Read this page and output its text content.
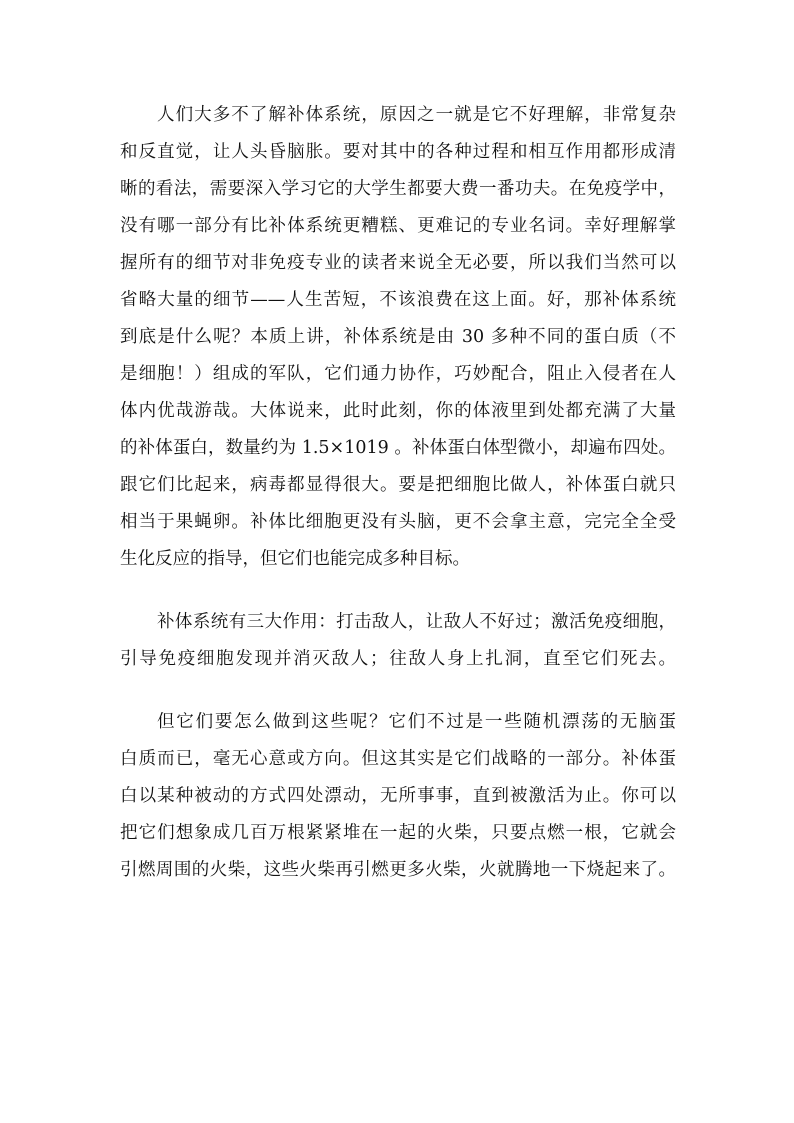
人们大多不了解补体系统，原因之一就是它不好理解，非常复杂
和反直觉，让人头昏脑胀。要对其中的各种过程和相互作用都形成清
晰的看法，需要深入学习它的大学生都要大费一番功夫。在免疫学中，
没有哪一部分有比补体系统更糟糕、更难记的专业名词。幸好理解掌
握所有的细节对非免疫专业的读者来说全无必要，所以我们当然可以
省略大量的细节——人生苦短，不该浪费在这上面。好，那补体系统
到底是什么呢？本质上讲，补体系统是由 30 多种不同的蛋白质（不
是细胞！）组成的军队，它们通力协作，巧妙配合，阻止入侵者在人
体内优哉游哉。大体说来，此时此刻，你的体液里到处都充满了大量
的补体蛋白，数量约为 1.5×1019 。补体蛋白体型微小，却遍布四处。
跟它们比起来，病毒都显得很大。要是把细胞比做人，补体蛋白就只
相当于果蝇卵。补体比细胞更没有头脑，更不会拿主意，完完全全受
生化反应的指导，但它们也能完成多种目标。
补体系统有三大作用：打击敌人，让敌人不好过；激活免疫细胞，
引导免疫细胞发现并消灭敌人；往敌人身上扎洞，直至它们死去。
但它们要怎么做到这些呢？它们不过是一些随机漂荡的无脑蛋
白质而已，毫无心意或方向。但这其实是它们战略的一部分。补体蛋
白以某种被动的方式四处漂动，无所事事，直到被激活为止。你可以
把它们想象成几百万根紧紧堆在一起的火柴，只要点燃一根，它就会
引燃周围的火柴，这些火柴再引燃更多火柴，火就腾地一下烧起来了。
